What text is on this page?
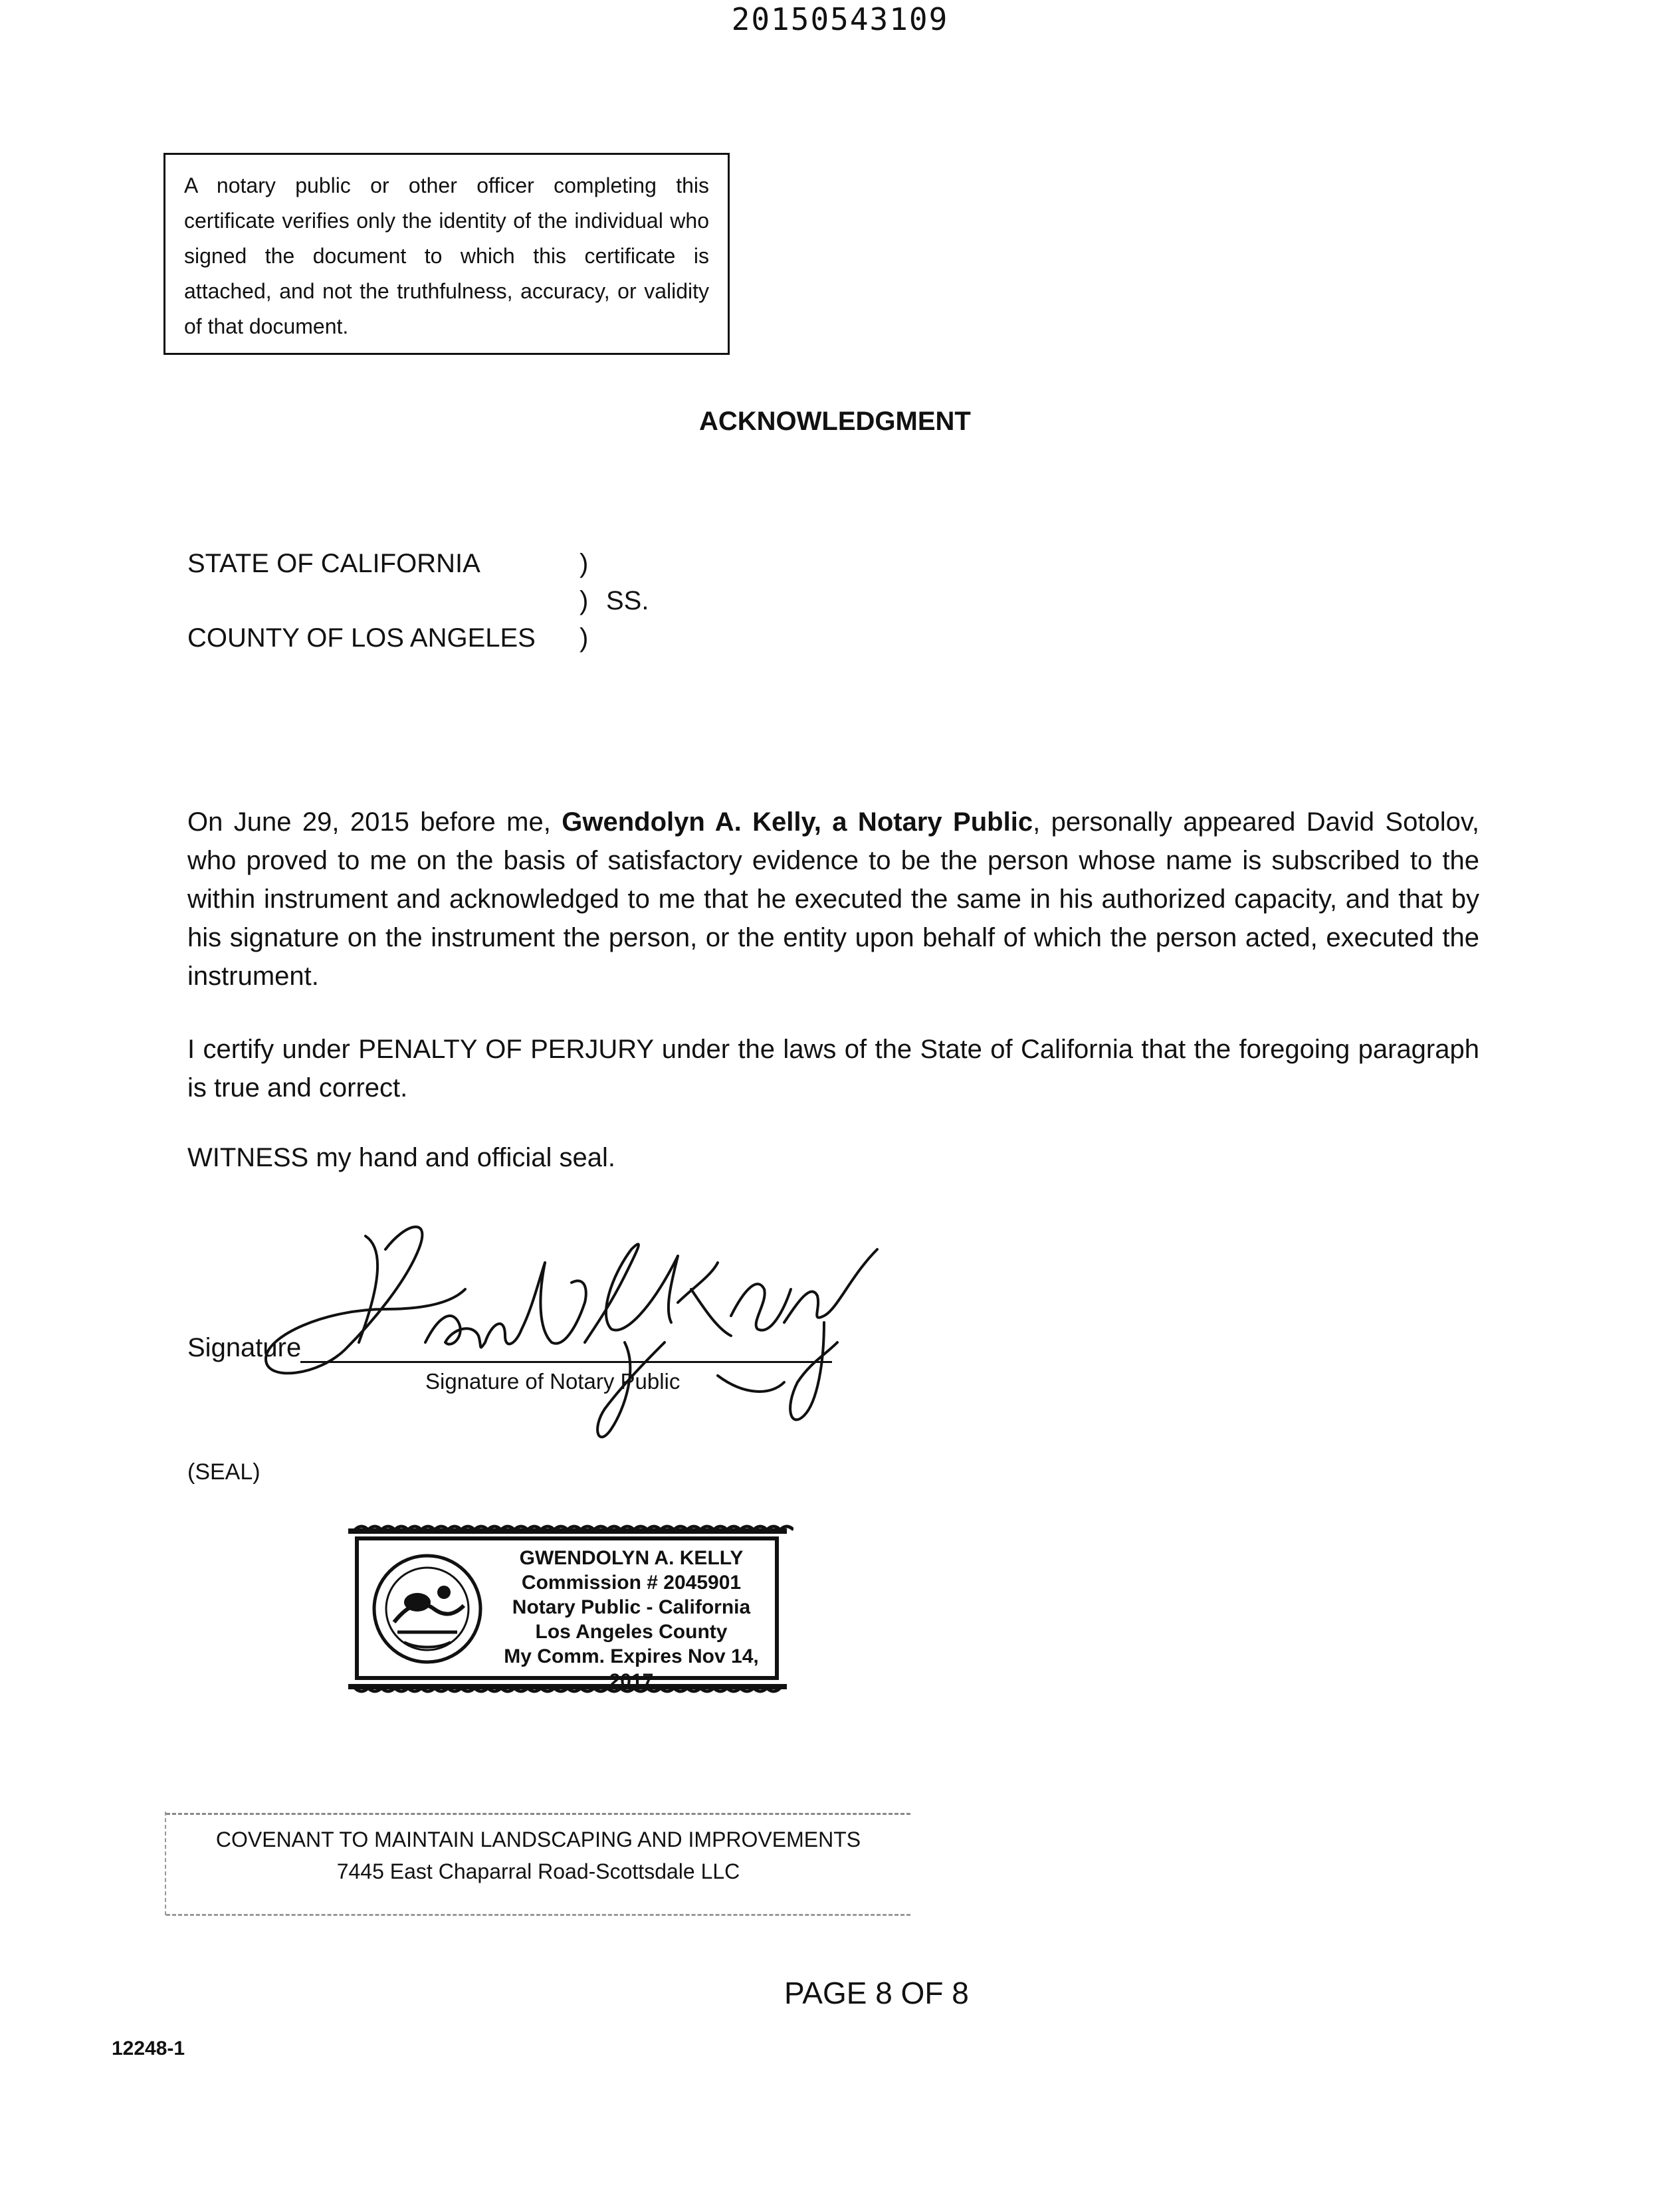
20150543109
A notary public or other officer completing this certificate verifies only the identity of the individual who signed the document to which this certificate is attached, and not the truthfulness, accuracy, or validity of that document.
ACKNOWLEDGMENT
STATE OF CALIFORNIA	)
) SS.
COUNTY OF LOS ANGELES )
On June 29, 2015 before me, Gwendolyn A. Kelly, a Notary Public, personally appeared David Sotolov, who proved to me on the basis of satisfactory evidence to be the person whose name is subscribed to the within instrument and acknowledged to me that he executed the same in his authorized capacity, and that by his signature on the instrument the person, or the entity upon behalf of which the person acted, executed the instrument.
I certify under PENALTY OF PERJURY under the laws of the State of California that the foregoing paragraph is true and correct.
WITNESS my hand and official seal.
Signature
Signature of Notary Public
(SEAL)
GWENDOLYN A. KELLY
Commission # 2045901
Notary Public - California
Los Angeles County
My Comm. Expires Nov 14, 2017
COVENANT TO MAINTAIN LANDSCAPING AND IMPROVEMENTS
7445 East Chaparral Road-Scottsdale LLC
PAGE 8 OF 8
12248-1
